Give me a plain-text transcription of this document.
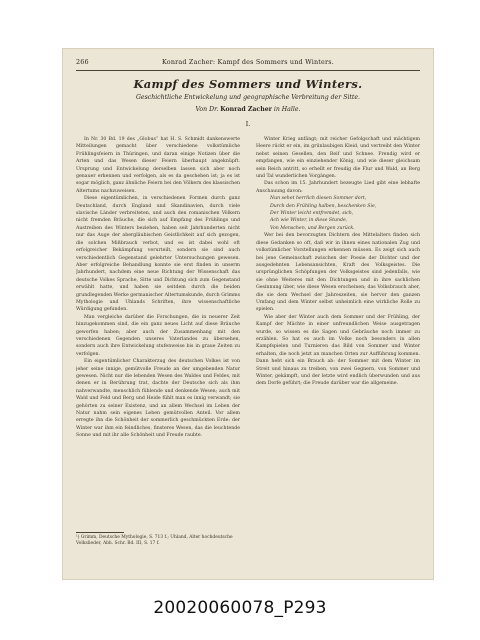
266	Konrad Zacher: Kampf des Sommers und Winters.
Kampf des Sommers und Winters.
Geschichtliche Entwickelung und geographische Verbreitung der Sitte.
Von Dr. Konrad Zacher in Halle.
I.

In Nr. 30 Bd. 19 des „Globus“ hat H. S. Schmidt dankenswerte Mitteilungen gemacht über verschiedene volkstümliche Frühlingsfeiern in Thüringen, und daran einige Notizen über die Arten und das Wesen dieser Feiern überhaupt angeknüpft. Ursprung und Entwickelung derselben lassen sich aber noch genauer erkennen und verfolgen, als es da geschehen ist; ja es ist sogar möglich, ganz ähnliche Feiern bei den Völkern des klassischen Altertums nachzuweisen.

Diese eigentümlichen, in verschiedenen Formen durch ganz Deutschland, durch England und Skandinavien, durch viele slavische Länder verbreiteten, und auch den romanischen Völkern nicht fremden Bräuche, die sich auf Empfang des Frühlings und Austreiben des Winters beziehen, haben seit Jahrhunderten nicht nur das Auge der abergläubischen Geistlichkeit auf sich gezogen, die solchen Mißbrauch verbot, und es ist dabei wohl oft erfolgreicher Bekämpfung verurteilt, sondern sie sind auch verschiedentlich Gegenstand gelehrter Untersuchungen gewesen. Aber erfolgreiche Behandlung konnte sie erst finden in unserm Jahrhundert, nachdem eine neue Richtung der Wissenschaft das deutsche Volkes Sprache, Sitte und Dichtung sich zum Gegenstand erwählt hatte, und haben sie seitdem durch die beiden grundlegenden Werke germanischer Altertumskunde, durch Grimms Mythologie und Uhlands Schriften, ihre wissenschaftliche Würdigung gefunden.

Man vergleiche darüber die Forschungen, die in neuerer Zeit hinzugekommen sind, die ein ganz neues Licht auf diese Bräuche geworfen haben; aber auch der Zusammenhang mit den verschiedenen Gegenden unseres Vaterlandes zu übersehen, sondern auch ihre Entwickelung stufenweise bis in graue Zeiten zu verfolgen.

Ein eigentümlicher Charakterzug des deutschen Volkes ist von jeher seine innige, gemütvolle Freude an der umgebenden Natur gewesen. Nicht nur die lebenden Wesen des Waldes und Feldes, mit denen er in Berührung trat, dachte der Deutsche sich als ihm nahverwandte, menschlich fühlende und denkende Wesen; auch mit Wald und Feld und Berg und Heide fühlt man es innig verwandt; sie gehörten zu seiner Existenz, und an allem Wechsel im Leben der Natur nahm sein eigenes Leben gemütvollen Anteil. Vor allem erregte ihn die Schönheit der sommerlich geschmückten Erde: der Winter war ihm ein feindliches, finsteres Wesen, das die leuchtende Sonne und mit ihr alle Schönheit und Freude raubte.

Winter Krieg anfängt; mit reicher Gefolgschaft und mächtigem Heere rückt er ein, im grünlaubigen Kleid, und vertreibt den Winter nebst seinen Gesellen, den Reif und Schnee. Frendig wird er empfangen, wie ein einziehender König, und wie dieser gleichsam sein Reich antritt, so erhellt er freudig die Flur und Wald, an Berg und Tal wunderlichen Vorgängen.

Das schon im 15. Jahrhundert bezeugte Lied gibt eine lebhafte Anschauung davon:

Nun sehet herrlich diesen Sommer dort,

Durch den Frühling halben, beschenken Sie,

Der Winter leicht entfremdet, sich,

Ach wie Winter, in diese Stunde,

Von Menschen, und Bergen zurück.

Wer bei den bevorzugten Dichtern des Mittelalters finden sich diese Gedanken so oft, daß wir in ihnen eines nationalen Zug und volkstümlicher Vorstellungen erkennen müssen. Es zeigt sich auch bei jene Gemeinschaft zwischen der Poesie der Dichter und der ausgedehnten Lebensansichten, Kraft des Volksgeistes. Die ursprünglichen Schöpfungen der Volksgeistes sind jedenfalls, wie sie ohne Weiteres mit den Dichtungen und in ihre sachlichen Gesinnung über, wie diese Wesen erscheinen; das Volksbrauch aber, die sie dem Wechsel der Jahreszeiten, sie hervor den ganzen Umfang und dem Winter selbst unheimlich eine wirkliche Rolle zu spielen.

Wie aber der Winter auch dem Sommer und der Frühling, der Kampf der Mächte in einer unfreundlichen Weise ausgetragen wurde, so wissen es die Sagen und Gebräuche noch immer zu erzählen. So hat es auch im Volke noch besonders in allen Kampfspielen und Turnieren das Bild von Sommer und Winter erhalten, die noch jetzt an manchen Orten zur Aufführung kommen. Dann hebt sich ein Brauch ab: der Sommer mit dem Winter im Streit und hinaus zu treiben, von zwei Gegnern, von Sommer und Winter, gekämpft, und der letzte wird endlich überwunden und aus dem Dorfe geführt; die Freude darüber war die allgemeine.

¹) Grimm, Deutsche Mythologie, S. 713 f.; Uhland, Alter hochdeutsche Volkslieder, Abh. Schr. Bd. III, S. 17 f.
20020060078_P293
